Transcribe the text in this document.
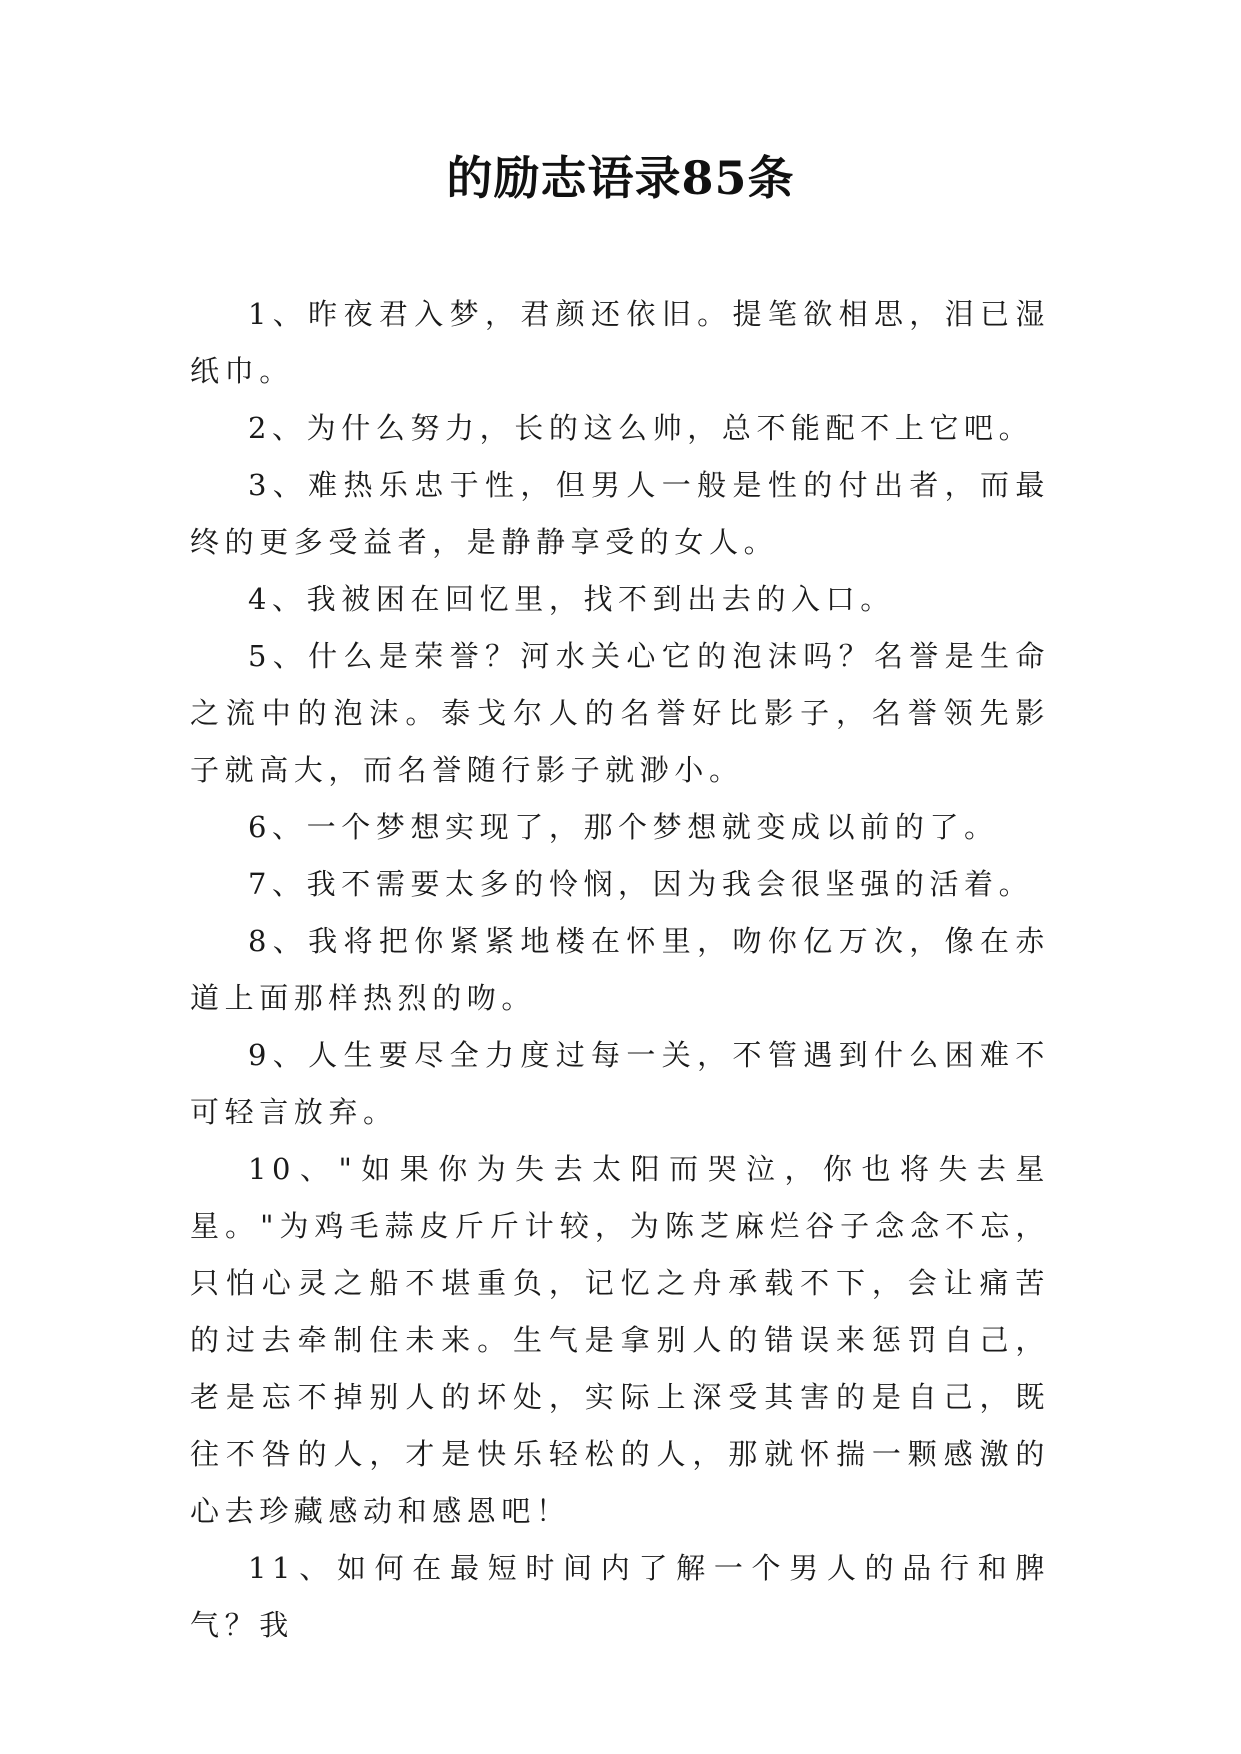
的励志语录85条

1、昨夜君入梦，君颜还依旧。提笔欲相思，泪已湿纸巾。

2、为什么努力，长的这么帅，总不能配不上它吧。

3、难热乐忠于性，但男人一般是性的付出者，而最终的更多受益者，是静静享受的女人。

4、我被困在回忆里，找不到出去的入口。

5、什么是荣誉？河水关心它的泡沫吗？名誉是生命之流中的泡沫。泰戈尔人的名誉好比影子，名誉领先影子就高大，而名誉随行影子就渺小。

6、一个梦想实现了，那个梦想就变成以前的了。

7、我不需要太多的怜悯，因为我会很坚强的活着。

8、我将把你紧紧地楼在怀里，吻你亿万次，像在赤道上面那样热烈的吻。

9、人生要尽全力度过每一关，不管遇到什么困难不可轻言放弃。

10、"如果你为失去太阳而哭泣，你也将失去星星。"为鸡毛蒜皮斤斤计较，为陈芝麻烂谷子念念不忘，只怕心灵之船不堪重负，记忆之舟承载不下，会让痛苦的过去牵制住未来。生气是拿别人的错误来惩罚自己，老是忘不掉别人的坏处，实际上深受其害的是自己，既往不咎的人，才是快乐轻松的人，那就怀揣一颗感激的心去珍藏感动和感恩吧！

11、如何在最短时间内了解一个男人的品行和脾气？我
